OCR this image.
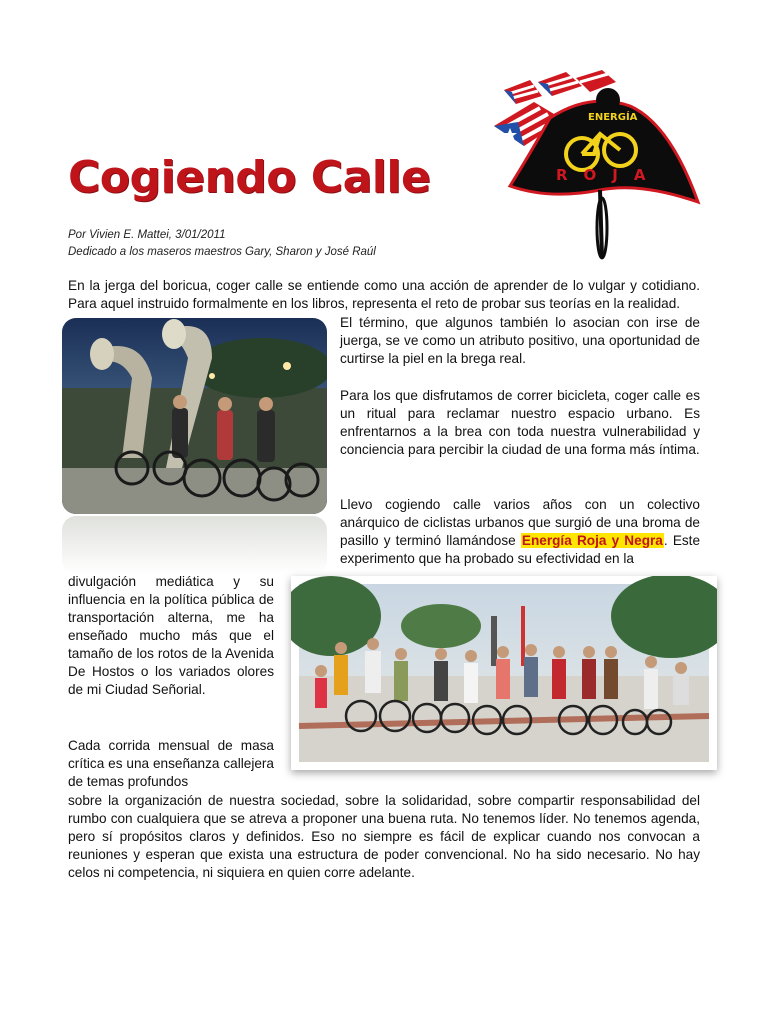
ENERGÍA
ROJA
Cogiendo Calle
Por Vivien E. Mattei, 3/01/2011
Dedicado a los maseros maestros Gary, Sharon y José Raúl
En la jerga del boricua, coger calle se entiende como una acción de aprender de lo vulgar y cotidiano. Para aquel instruido formalmente en los libros, representa el reto de probar sus teorías en la realidad.
El término, que algunos también lo asocian con irse de juerga, se ve como un atributo positivo, una oportunidad de curtirse la piel en la brega real.
Para los que disfrutamos de correr bicicleta, coger calle es un ritual para reclamar nuestro espacio urbano. Es enfrentarnos a la brea con toda nuestra vulnerabilidad y conciencia para percibir la ciudad de una forma más íntima.
Llevo cogiendo calle varios años con un colectivo anárquico de ciclistas urbanos que surgió de una broma de pasillo y terminó llamándose Energía Roja y Negra. Este experimento que ha probado su efectividad en la
divulgación mediática y su influencia en la política pública de transportación alterna, me ha enseñado mucho más que el tamaño de los rotos de la Avenida De Hostos o los variados olores de mi Ciudad Señorial.
Cada corrida mensual de masa crítica es una enseñanza callejera de temas profundos
sobre la organización de nuestra sociedad, sobre la solidaridad, sobre compartir responsabilidad del rumbo con cualquiera que se atreva a proponer una buena ruta. No tenemos líder. No tenemos agenda, pero sí propósitos claros y definidos. Eso no siempre es fácil de explicar cuando nos convocan a reuniones y esperan que exista una estructura de poder convencional. No ha sido necesario. No hay celos ni competencia, ni siquiera en quien corre adelante.
